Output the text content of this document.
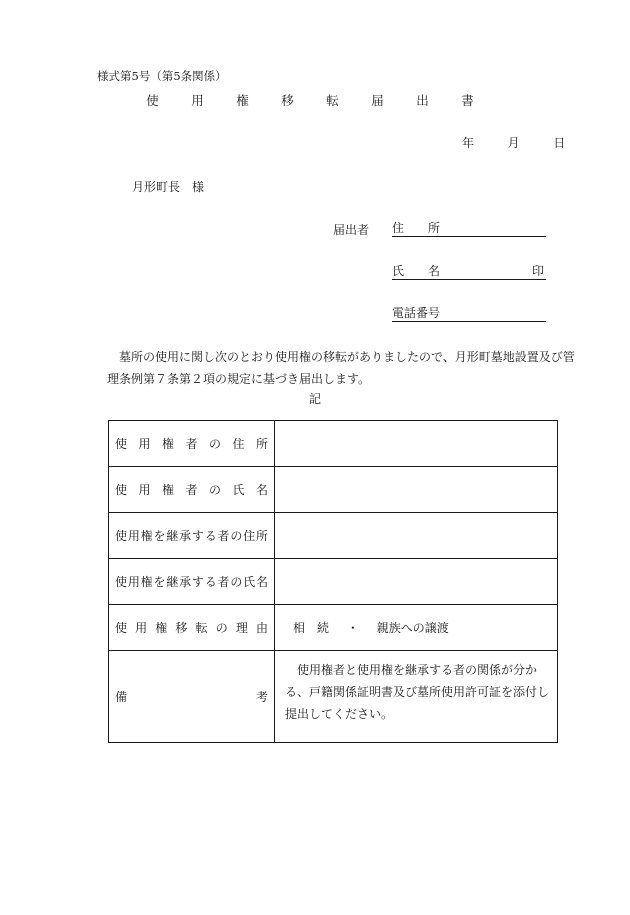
様式第5号（第5条関係）
使　用　権　移　転　届　出　書
年	月	日
月形町長　様
届出者 住　　所
氏　　名	印
電話番号
墓所の使用に関し次のとおり使用権の移転がありましたので、月形町墓地設置及び管理条例第７条第２項の規定に基づき届出します。
記
使用権者の住所	

使用権者の氏名	

使用権を継承する者の住所	

使用権を継承する者の氏名	

使用権移転の理由	相　続 ・ 親族への譲渡

備 考	使用権者と使用権を継承する者の関係が分かる、戸籍関係証明書及び墓所使用許可証を添付し提出してください。
